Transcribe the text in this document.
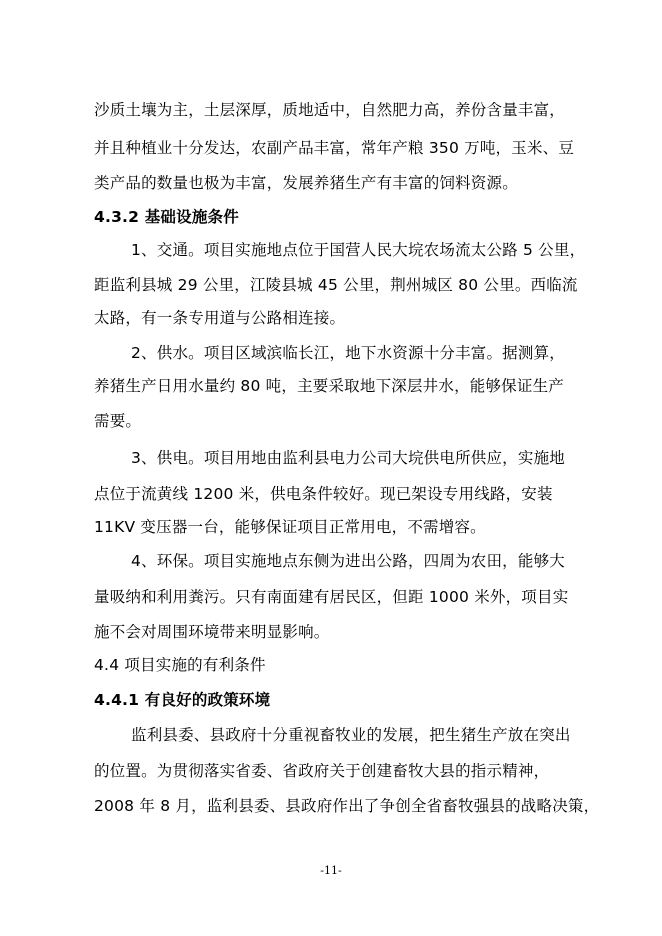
沙质土壤为主，土层深厚，质地适中，自然肥力高，养份含量丰富，
并且种植业十分发达，农副产品丰富，常年产粮 350 万吨，玉米、豆
类产品的数量也极为丰富，发展养猪生产有丰富的饲料资源。
4.3.2 基础设施条件
1、交通。项目实施地点位于国营人民大垸农场流太公路 5 公里，
距监利县城 29 公里，江陵县城 45 公里，荆州城区 80 公里。西临流
太路，有一条专用道与公路相连接。
2、供水。项目区域滨临长江，地下水资源十分丰富。据测算，
养猪生产日用水量约 80 吨，主要采取地下深层井水，能够保证生产
需要。
3、供电。项目用地由监利县电力公司大垸供电所供应，实施地
点位于流黄线 1200 米，供电条件较好。现已架设专用线路，安装
11KV 变压器一台，能够保证项目正常用电，不需增容。
4、环保。项目实施地点东侧为进出公路，四周为农田，能够大
量吸纳和利用粪污。只有南面建有居民区，但距 1000 米外，项目实
施不会对周围环境带来明显影响。
4.4 项目实施的有利条件
4.4.1 有良好的政策环境
监利县委、县政府十分重视畜牧业的发展，把生猪生产放在突出
的位置。为贯彻落实省委、省政府关于创建畜牧大县的指示精神，
2008 年 8 月，监利县委、县政府作出了争创全省畜牧强县的战略决策，
-11-
